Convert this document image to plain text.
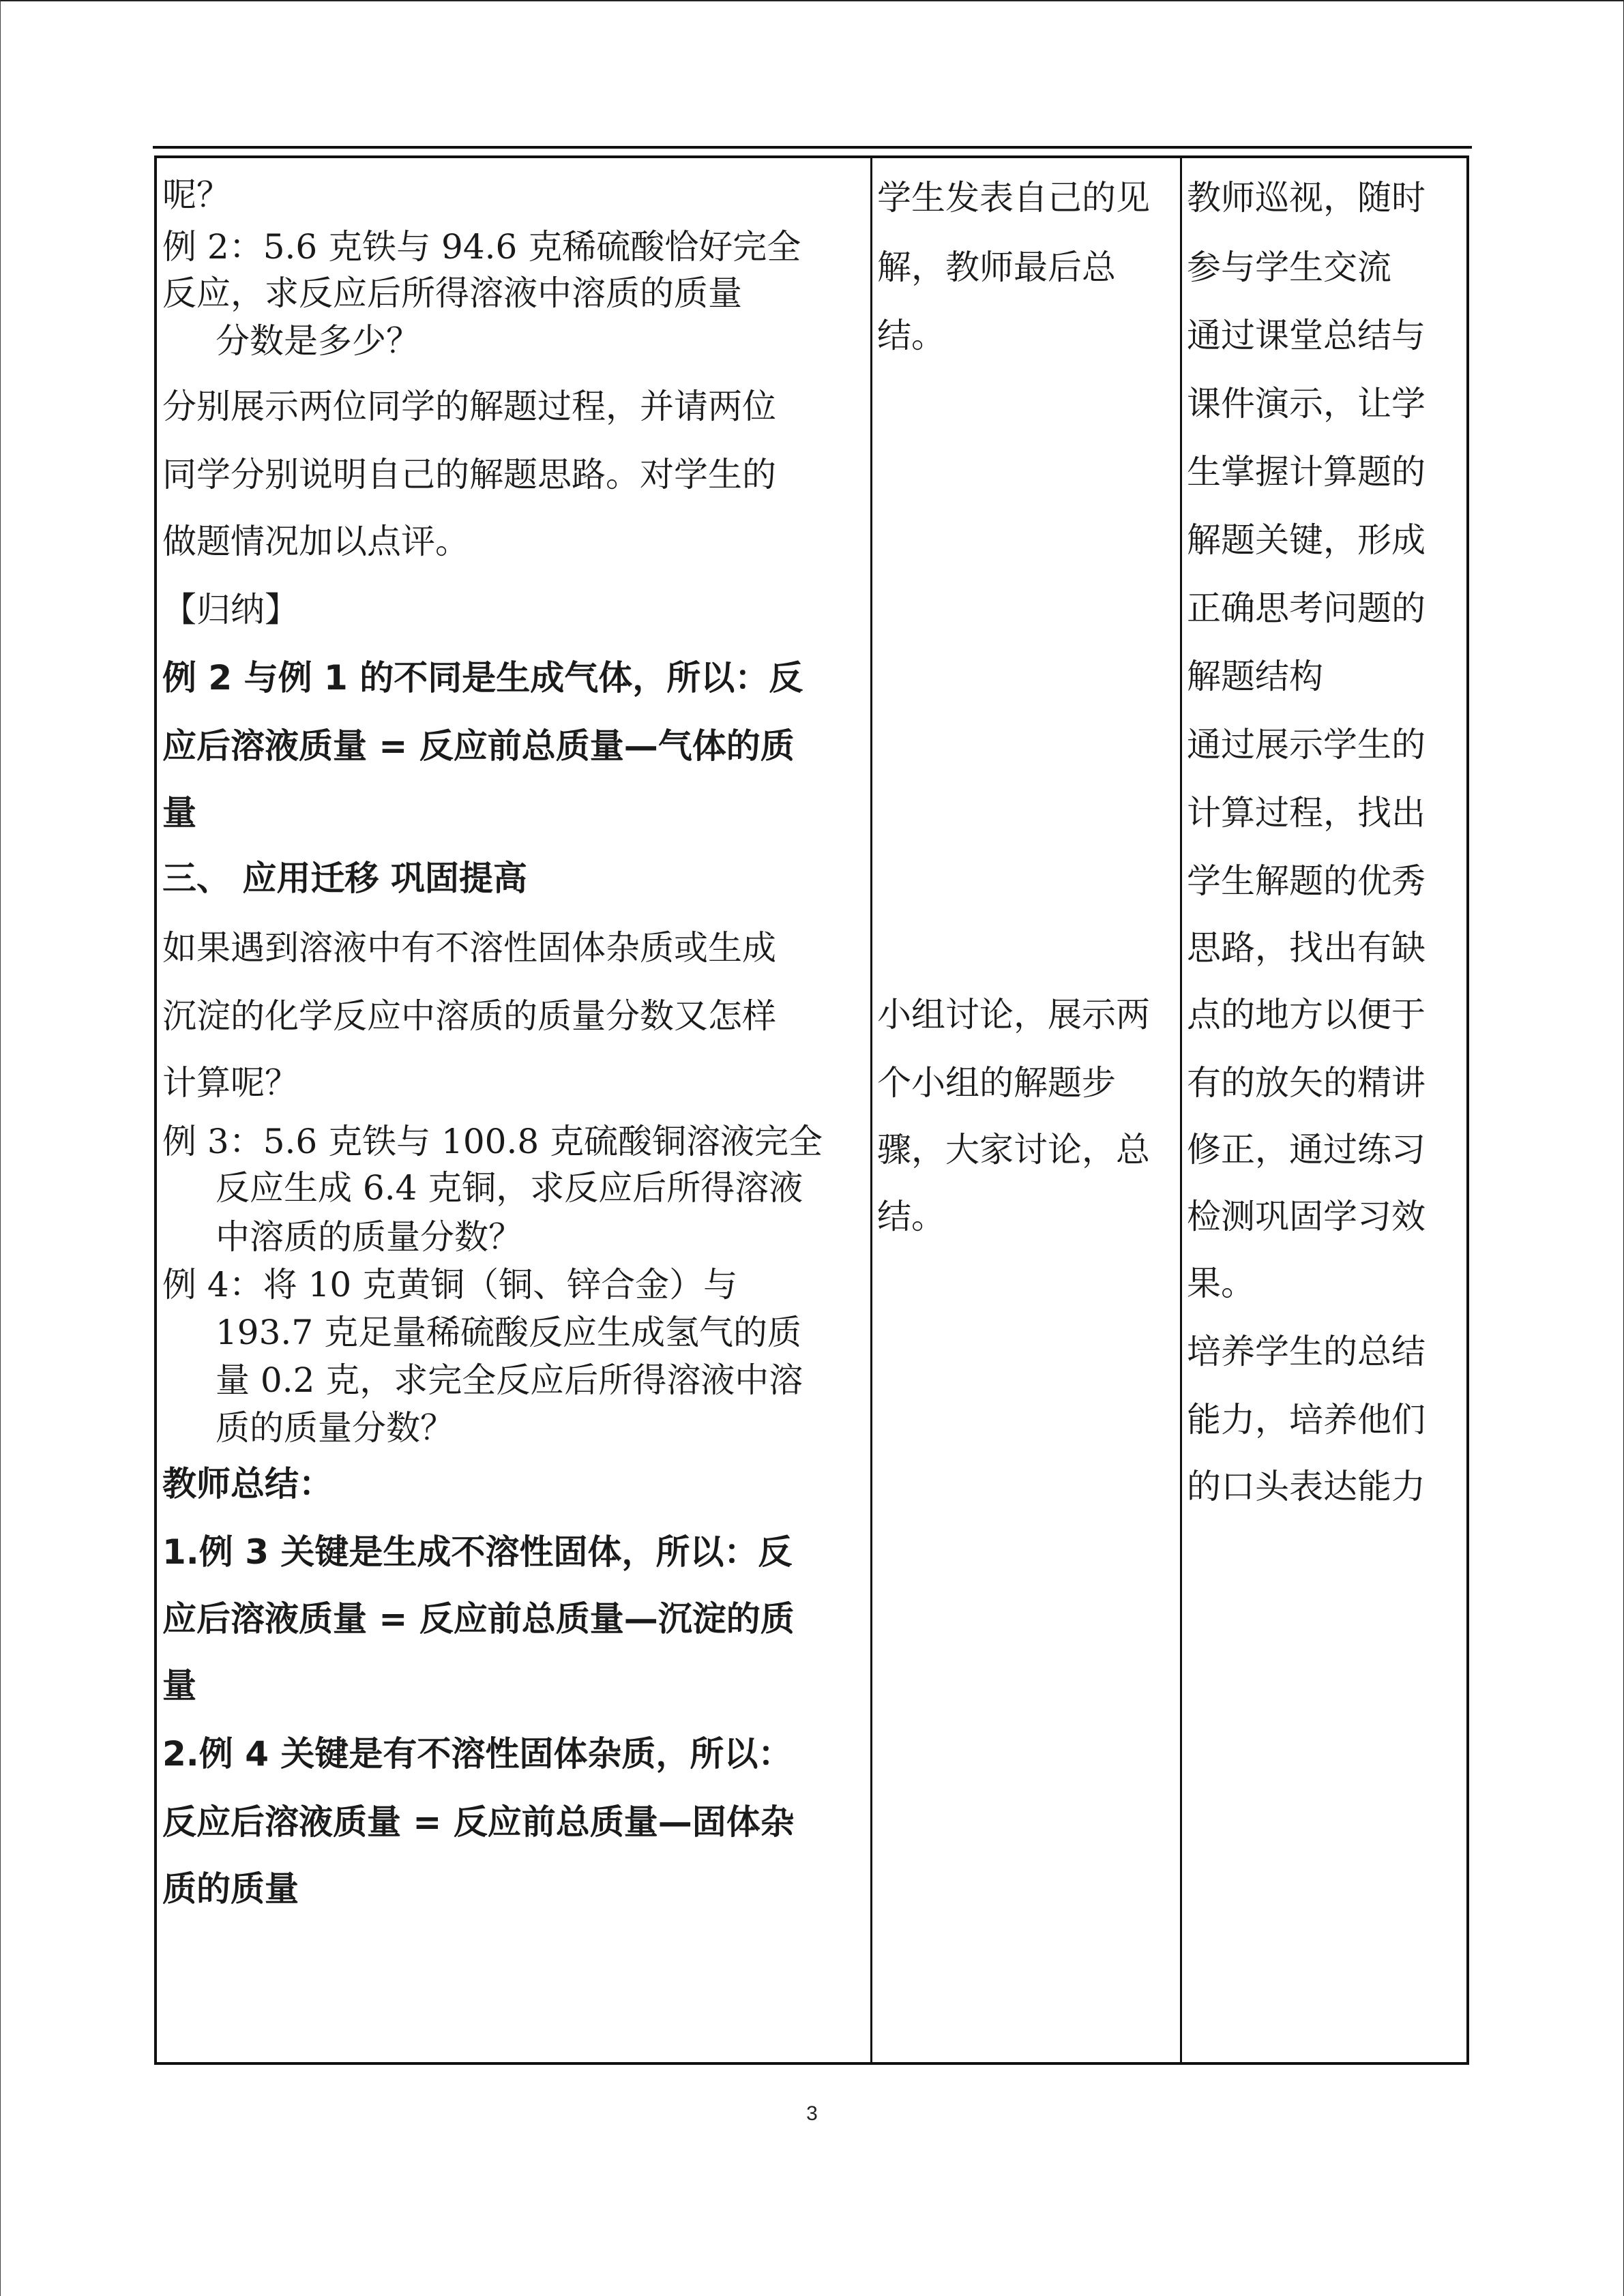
呢？
例 2：5.6 克铁与 94.6 克稀硫酸恰好完全
反应，求反应后所得溶液中溶质的质量
分数是多少？
分别展示两位同学的解题过程，并请两位
同学分别说明自己的解题思路。对学生的
做题情况加以点评。
【归纳】
例 2 与例 1 的不同是生成气体，所以：反
应后溶液质量 = 反应前总质量—气体的质
量
三、 应用迁移 巩固提高
如果遇到溶液中有不溶性固体杂质或生成
沉淀的化学反应中溶质的质量分数又怎样
计算呢？
例 3：5.6 克铁与 100.8 克硫酸铜溶液完全
反应生成 6.4 克铜，求反应后所得溶液
中溶质的质量分数？
例 4：将 10 克黄铜（铜、锌合金）与
193.7 克足量稀硫酸反应生成氢气的质
量 0.2 克，求完全反应后所得溶液中溶
质的质量分数？
教师总结：
1.例 3 关键是生成不溶性固体，所以：反
应后溶液质量 = 反应前总质量—沉淀的质
量
2.例 4 关键是有不溶性固体杂质，所以：
反应后溶液质量 = 反应前总质量—固体杂
质的质量
学生发表自己的见
解，教师最后总
结。
小组讨论，展示两
个小组的解题步
骤，大家讨论，总
结。
教师巡视，随时
参与学生交流
通过课堂总结与
课件演示，让学
生掌握计算题的
解题关键，形成
正确思考问题的
解题结构
通过展示学生的
计算过程，找出
学生解题的优秀
思路，找出有缺
点的地方以便于
有的放矢的精讲
修正，通过练习
检测巩固学习效
果。
培养学生的总结
能力，培养他们
的口头表达能力
3
